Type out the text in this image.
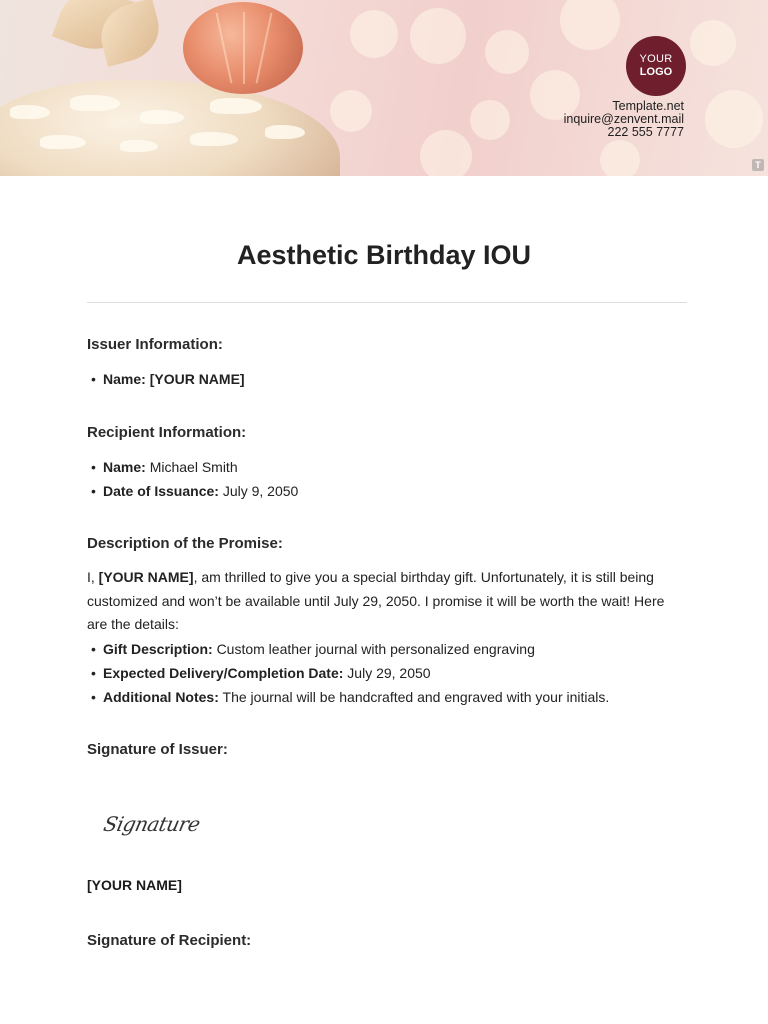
YOUR
LOGO
Template.net
inquire@zenvent.mail
222 555 7777
T
Aesthetic Birthday IOU
Issuer Information:
• Name: [YOUR NAME]
Recipient Information:
• Name: Michael Smith
• Date of Issuance: July 9, 2050
Description of the Promise:
I, [YOUR NAME], am thrilled to give you a special birthday gift. Unfortunately, it is still being customized and won’t be available until July 29, 2050. I promise it will be worth the wait! Here are the details:
• Gift Description: Custom leather journal with personalized engraving
• Expected Delivery/Completion Date: July 29, 2050
• Additional Notes: The journal will be handcrafted and engraved with your initials.
Signature of Issuer:
Signature
[YOUR NAME]
Signature of Recipient:
